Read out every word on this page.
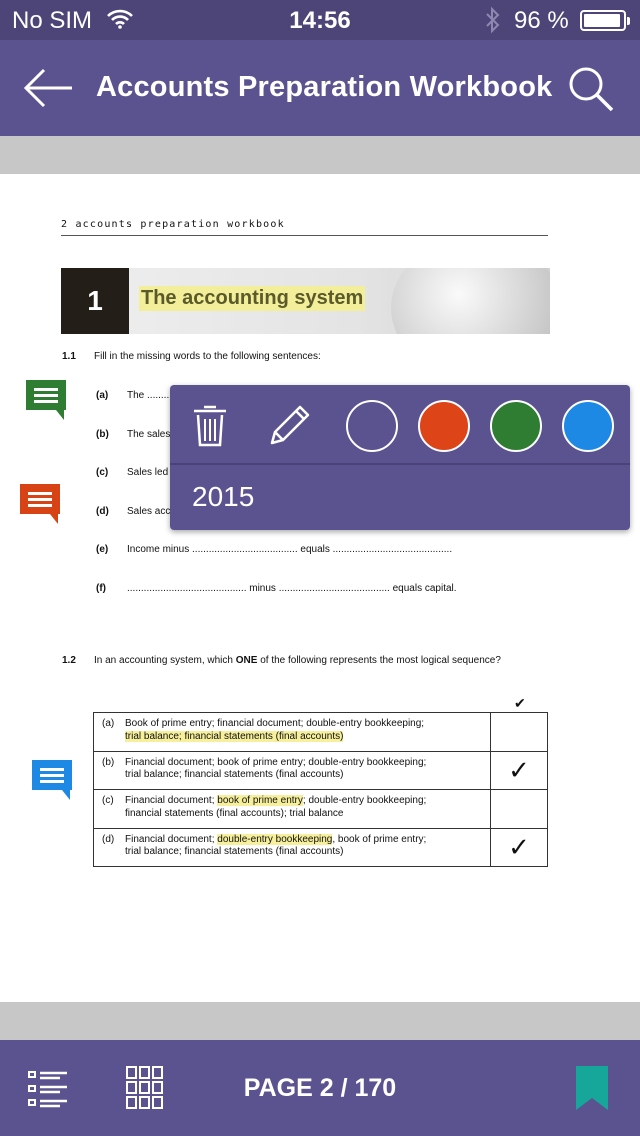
No SIM	14:56	96 %
Accounts Preparation Workbook
2 accounts preparation workbook
1	The accounting system
1.1 Fill in the missing words to the following sentences:
(a) The ........
(b) The sales
(c) Sales led
(d) Sales acc
(e) Income minus ...................................... equals ...........................................
(f) ........................................... minus ........................................ equals capital.
1.2 In an accounting system, which ONE of the following represents the most logical sequence?
✔
(a) Book of prime entry; financial document; double-entry bookkeeping;
trial balance; financial statements (final accounts)	
(b) Financial document; book of prime entry; double-entry bookkeeping;
trial balance; financial statements (final accounts)	✓
(c) Financial document; book of prime entry; double-entry bookkeeping;
financial statements (final accounts); trial balance	
(d) Financial document; double-entry bookkeeping, book of prime entry;
trial balance; financial statements (final accounts)	✓
2015
PAGE 2 / 170
